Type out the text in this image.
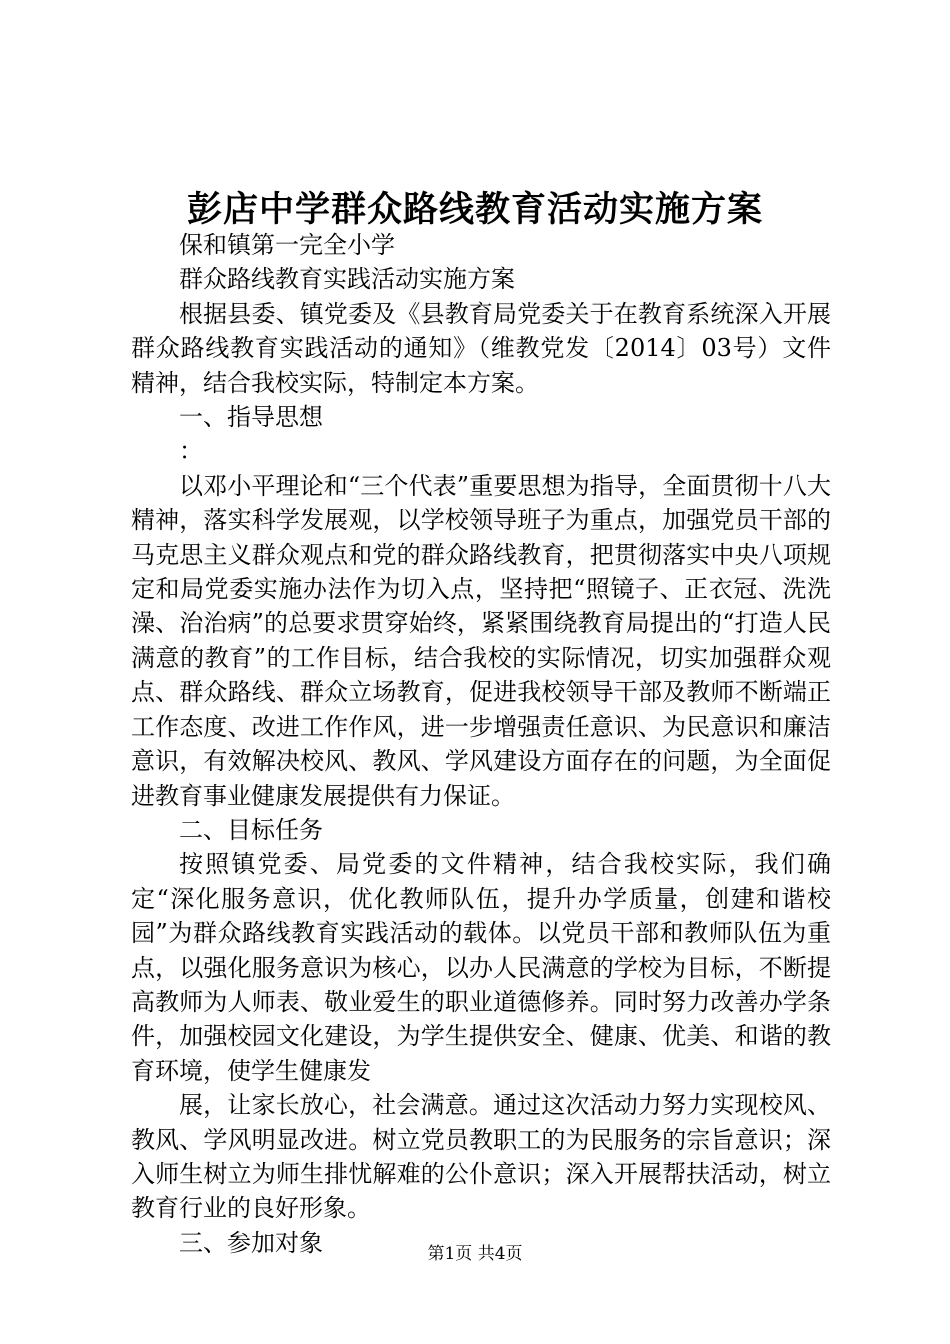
彭店中学群众路线教育活动实施方案

保和镇第一完全小学

群众路线教育实践活动实施方案

根据县委、镇党委及《县教育局党委关于在教育系统深入开展群众路线教育实践活动的通知》（维教党发〔2014〕03号）文件精神，结合我校实际，特制定本方案。

一、指导思想

：

以邓小平理论和“三个代表”重要思想为指导，全面贯彻十八大精神，落实科学发展观，以学校领导班子为重点，加强党员干部的马克思主义群众观点和党的群众路线教育，把贯彻落实中央八项规定和局党委实施办法作为切入点，坚持把“照镜子、正衣冠、洗洗澡、治治病”的总要求贯穿始终，紧紧围绕教育局提出的“打造人民满意的教育”的工作目标，结合我校的实际情况，切实加强群众观点、群众路线、群众立场教育，促进我校领导干部及教师不断端正工作态度、改进工作作风，进一步增强责任意识、为民意识和廉洁意识，有效解决校风、教风、学风建设方面存在的问题，为全面促进教育事业健康发展提供有力保证。

二、目标任务

按照镇党委、局党委的文件精神，结合我校实际，我们确定“深化服务意识，优化教师队伍，提升办学质量，创建和谐校园”为群众路线教育实践活动的载体。以党员干部和教师队伍为重点，以强化服务意识为核心，以办人民满意的学校为目标，不断提高教师为人师表、敬业爱生的职业道德修养。同时努力改善办学条件，加强校园文化建设，为学生提供安全、健康、优美、和谐的教育环境，使学生健康发

展，让家长放心，社会满意。通过这次活动力努力实现校风、教风、学风明显改进。树立党员教职工的为民服务的宗旨意识；深入师生树立为师生排忧解难的公仆意识；深入开展帮扶活动，树立教育行业的良好形象。

三、参加对象	第1页 共4页
